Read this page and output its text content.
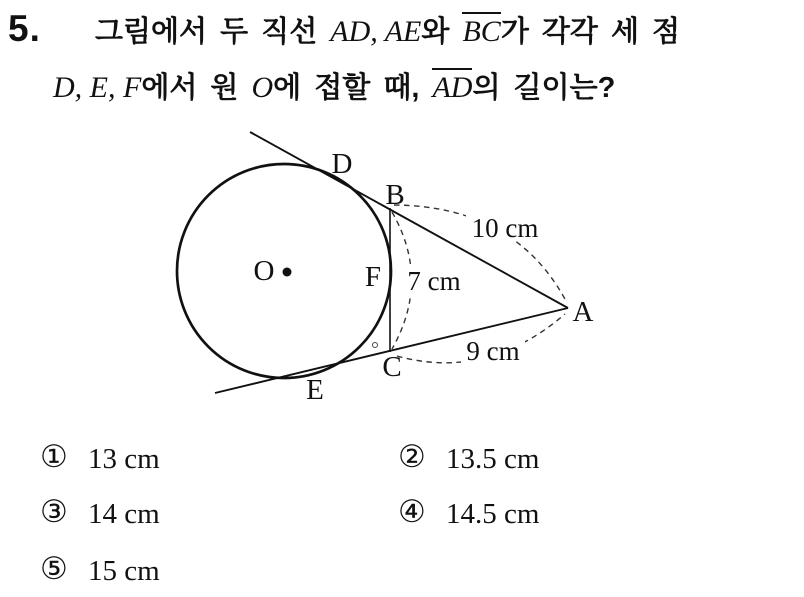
5. 그림에서 두 직선 AD, AE와 BC가 각각 세 점
D, E, F에서 원 O에 접할 때, AD의 길이는?
10 cm
7 cm
9 cm
D
B
A
F
O
C
E
① 13 cm	② 13.5 cm
③ 14 cm	④ 14.5 cm
⑤ 15 cm
